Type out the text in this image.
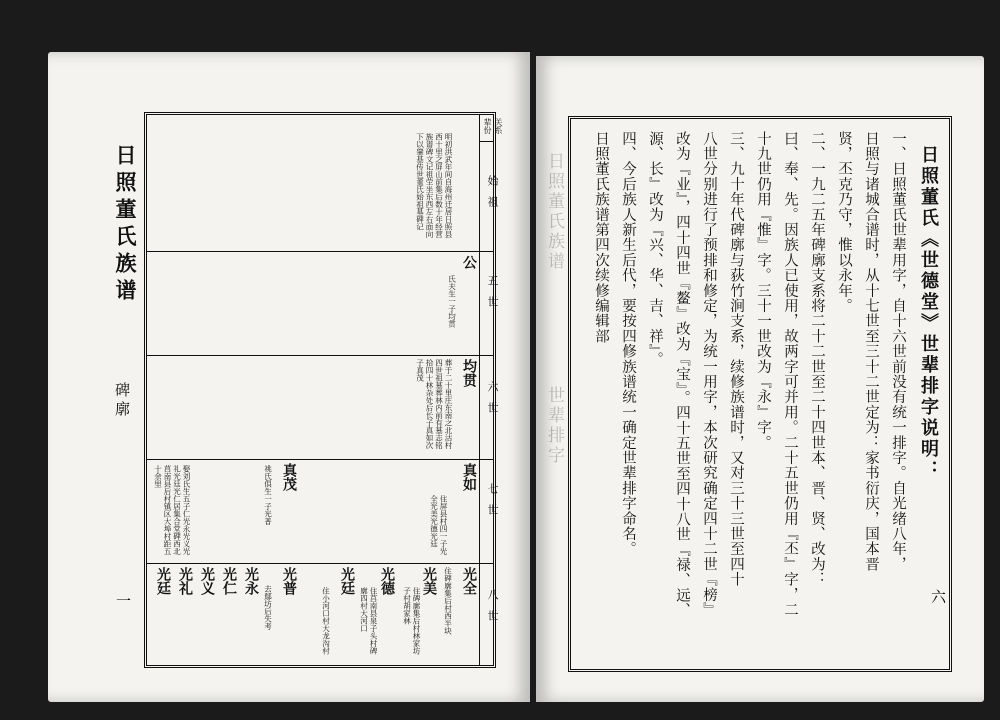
日照董氏族谱
碑廓
一
关系 辈份
始祖
五世
六世
七世
八世
明初洪武年间自海州迁居日照县西十里之屏山前集后数十年经营族谱碑文记祖茔坐东西左右面向下以肇基传世董氏始祖墓碑记
公
氏夫生一子均贯
均贯
葬于二十里庄东南之北沽村四世祖墓葬林内前有墓志铭拾四十林杂处后长子真如次子真茂
真如
住屏县村四一子光全光美光德光廷
真茂
祧氏俱生一子光普
娶刘氏生五子仁光永光义光礼光廷光仁居集合堂碑西北莒南县后村镇区大埠村距五十余里
光全
住碑廓集后村西半块
光美
住碑廓集后村林家坊子村胡家林
光德
住莒南县泉子头村碑廓四村大河口
光廷
住小河口村大龙沟村
光普
去鄢坊后失考
光永
光仁
光义
光礼
光廷
日照董氏《世德堂》世辈排字说明：
一、日照董氏世辈用字，自十六世前没有统一排字。自光绪八年，
日照与诸城合谱时，从十七世至三十二世定为：家书衍庆，国本晋
贤，丕克乃守，惟以永年。
二、一九二五年碑廓支系将二十二世至二十四世本、晋、贤、改为：
曰、奉、先。因族人已使用，故两字可并用。二十五世仍用『丕』字，二
十九世仍用『惟』字。三十一世改为『永』字。
三、九十年代碑廓与荻竹涧支系，续修族谱时，又对三十三世至四十
八世分别进行了预排和修定，为统一用字，本次研究确定四十二世『榜』
改为『业』，四十四世『鳌』改为『宝』。四十五世至四十八世『禄、远、
源、长』改为『兴、华、吉、祥』。
四、今后族人新生后代，要按四修族谱统一确定世辈排字命名。
日照董氏族谱第四次续修编辑部
日照董氏族谱
世辈排字
六
